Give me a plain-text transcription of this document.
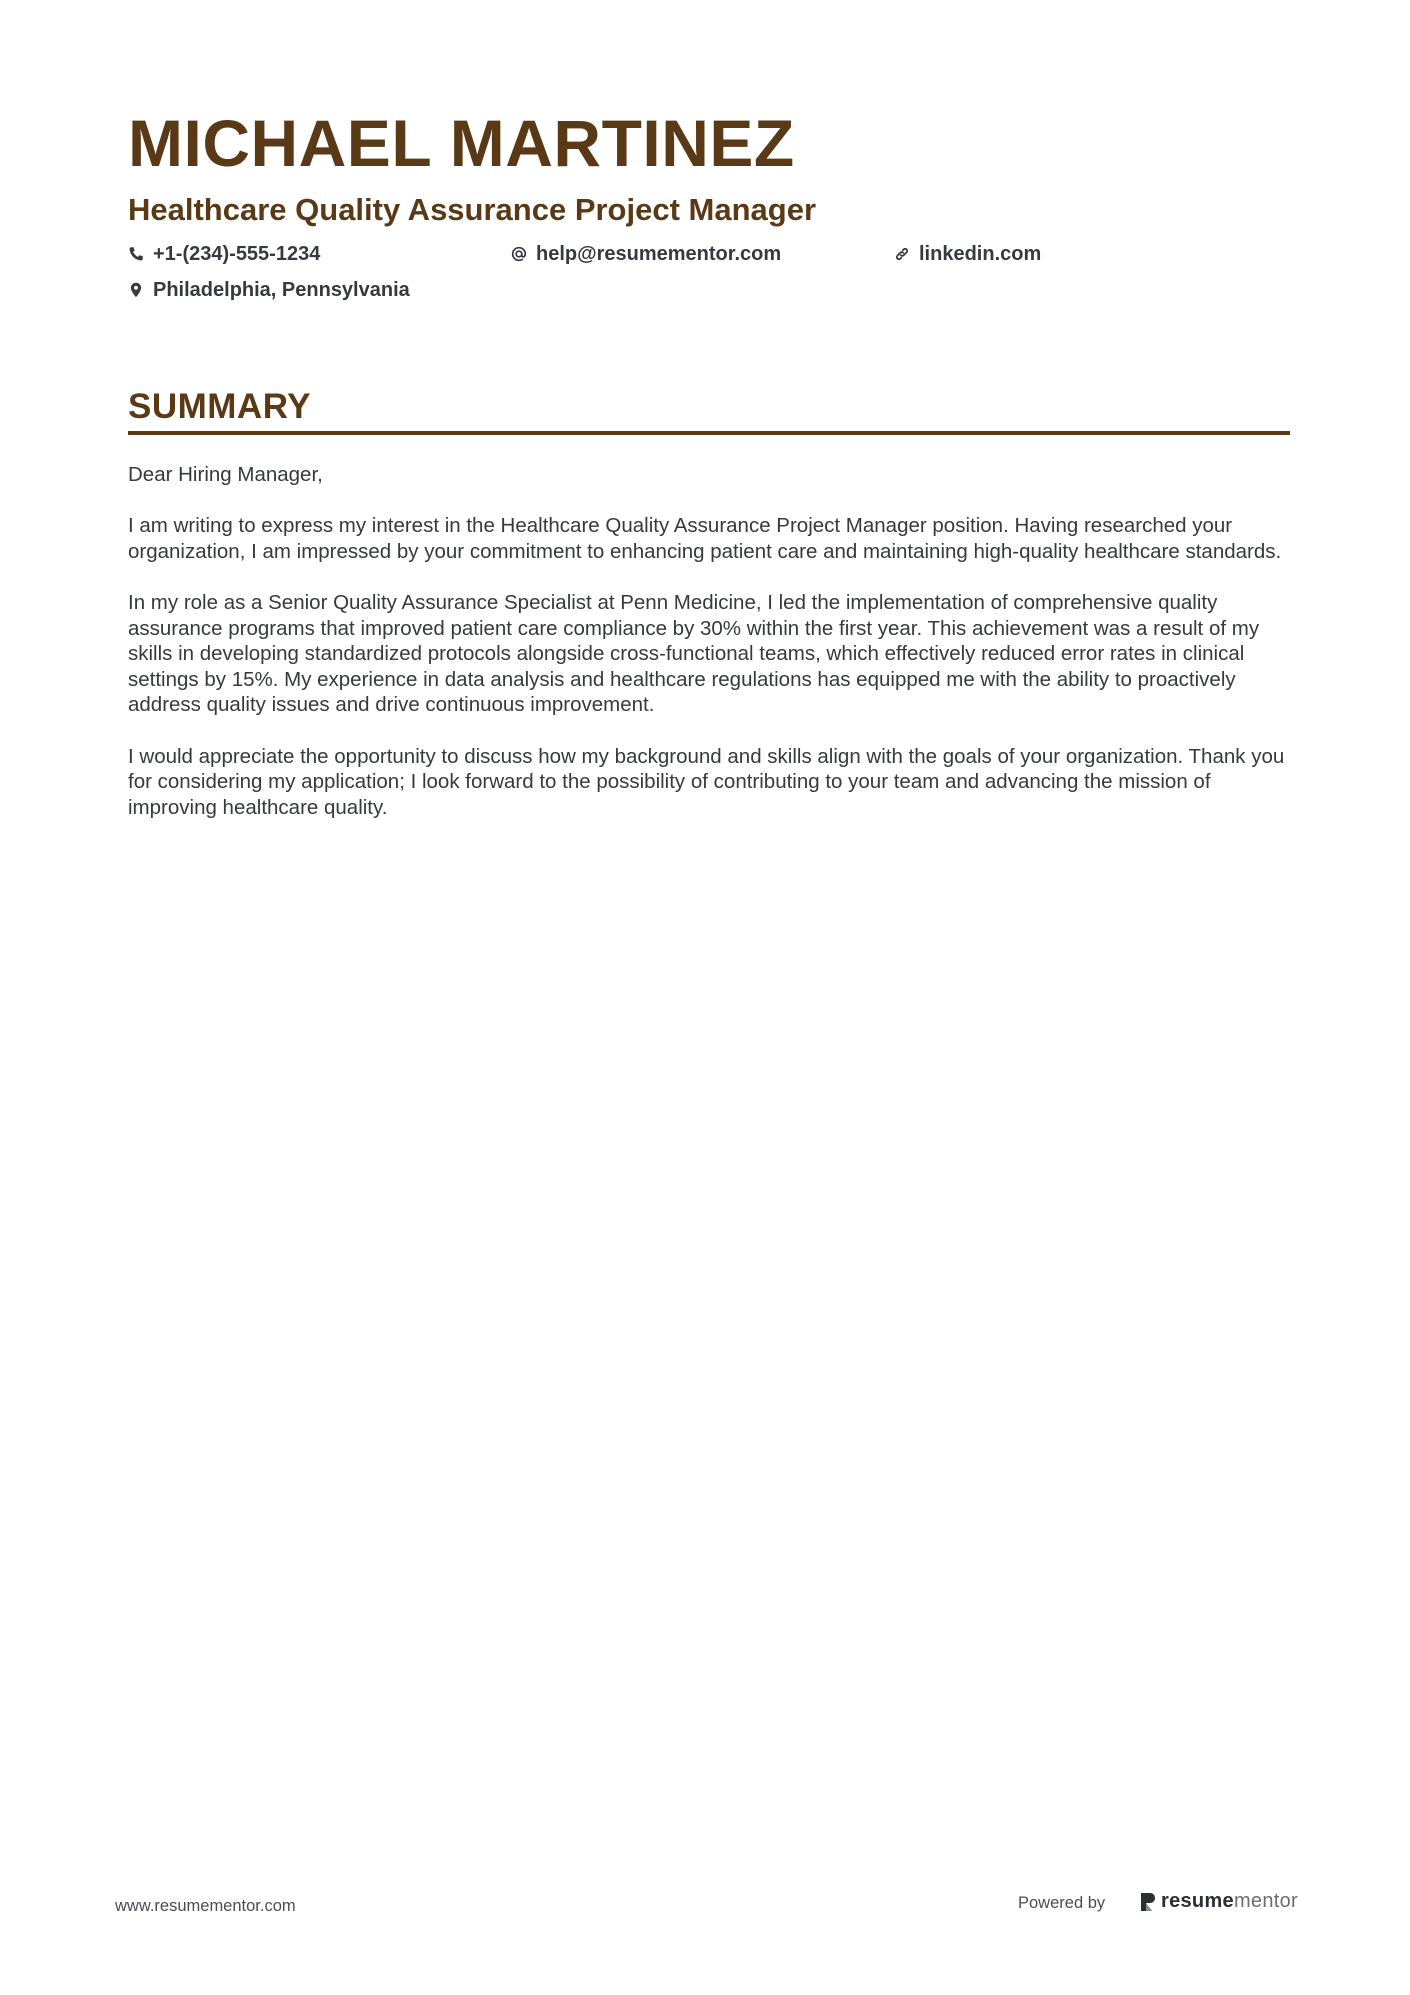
MICHAEL MARTINEZ
Healthcare Quality Assurance Project Manager
+1-(234)-555-1234	help@resumementor.com	linkedin.com
Philadelphia, Pennsylvania
SUMMARY

Dear Hiring Manager,

I am writing to express my interest in the Healthcare Quality Assurance Project Manager position. Having researched your organization, I am impressed by your commitment to enhancing patient care and maintaining high-quality healthcare standards.

In my role as a Senior Quality Assurance Specialist at Penn Medicine, I led the implementation of comprehensive quality assurance programs that improved patient care compliance by 30% within the first year. This achievement was a result of my skills in developing standardized protocols alongside cross-functional teams, which effectively reduced error rates in clinical settings by 15%. My experience in data analysis and healthcare regulations has equipped me with the ability to proactively address quality issues and drive continuous improvement.

I would appreciate the opportunity to discuss how my background and skills align with the goals of your organization. Thank you for considering my application; I look forward to the possibility of contributing to your team and advancing the mission of improving healthcare quality.

www.resumementor.com	Powered by	resumementor
